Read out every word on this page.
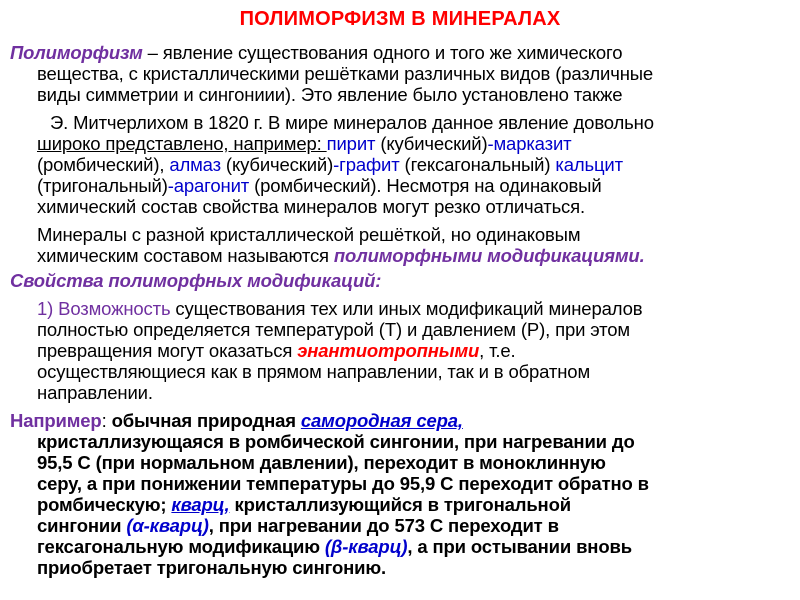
ПОЛИМОРФИЗМ В МИНЕРАЛАХ
Полиморфизм – явление существования одного и того же химического
вещества, с кристаллическими решётками различных видов (различные
виды симметрии и сингониии). Это явление было установлено также
Э. Митчерлихом в 1820 г. В мире минералов данное явление довольно
широко представлено, например: пирит (кубический)-марказит
(ромбический), алмаз (кубический)-графит (гексагональный) кальцит
(тригональный)-арагонит (ромбический). Несмотря на одинаковый
химический состав свойства минералов могут резко отличаться.
Минералы с разной кристаллической решёткой, но одинаковым
химическим составом называются полиморфными модификациями.
Свойства полиморфных модификаций:
1) Возможность существования тех или иных модификаций минералов
полностью определяется температурой (Т) и давлением (Р), при этом
превращения могут оказаться энантиотропными, т.е.
осуществляющиеся как в прямом направлении, так и в обратном
направлении.
Например: обычная природная самородная сера,
кристаллизующаяся в ромбической сингонии, при нагревании до
95,5 С (при нормальном давлении), переходит в моноклинную
серу, а при понижении температуры до 95,9 С переходит обратно в
ромбическую; кварц, кристаллизующийся в тригональной
сингонии (α-кварц), при нагревании до 573 С переходит в
гексагональную модификацию (β-кварц), а при остывании вновь
приобретает тригональную сингонию.
